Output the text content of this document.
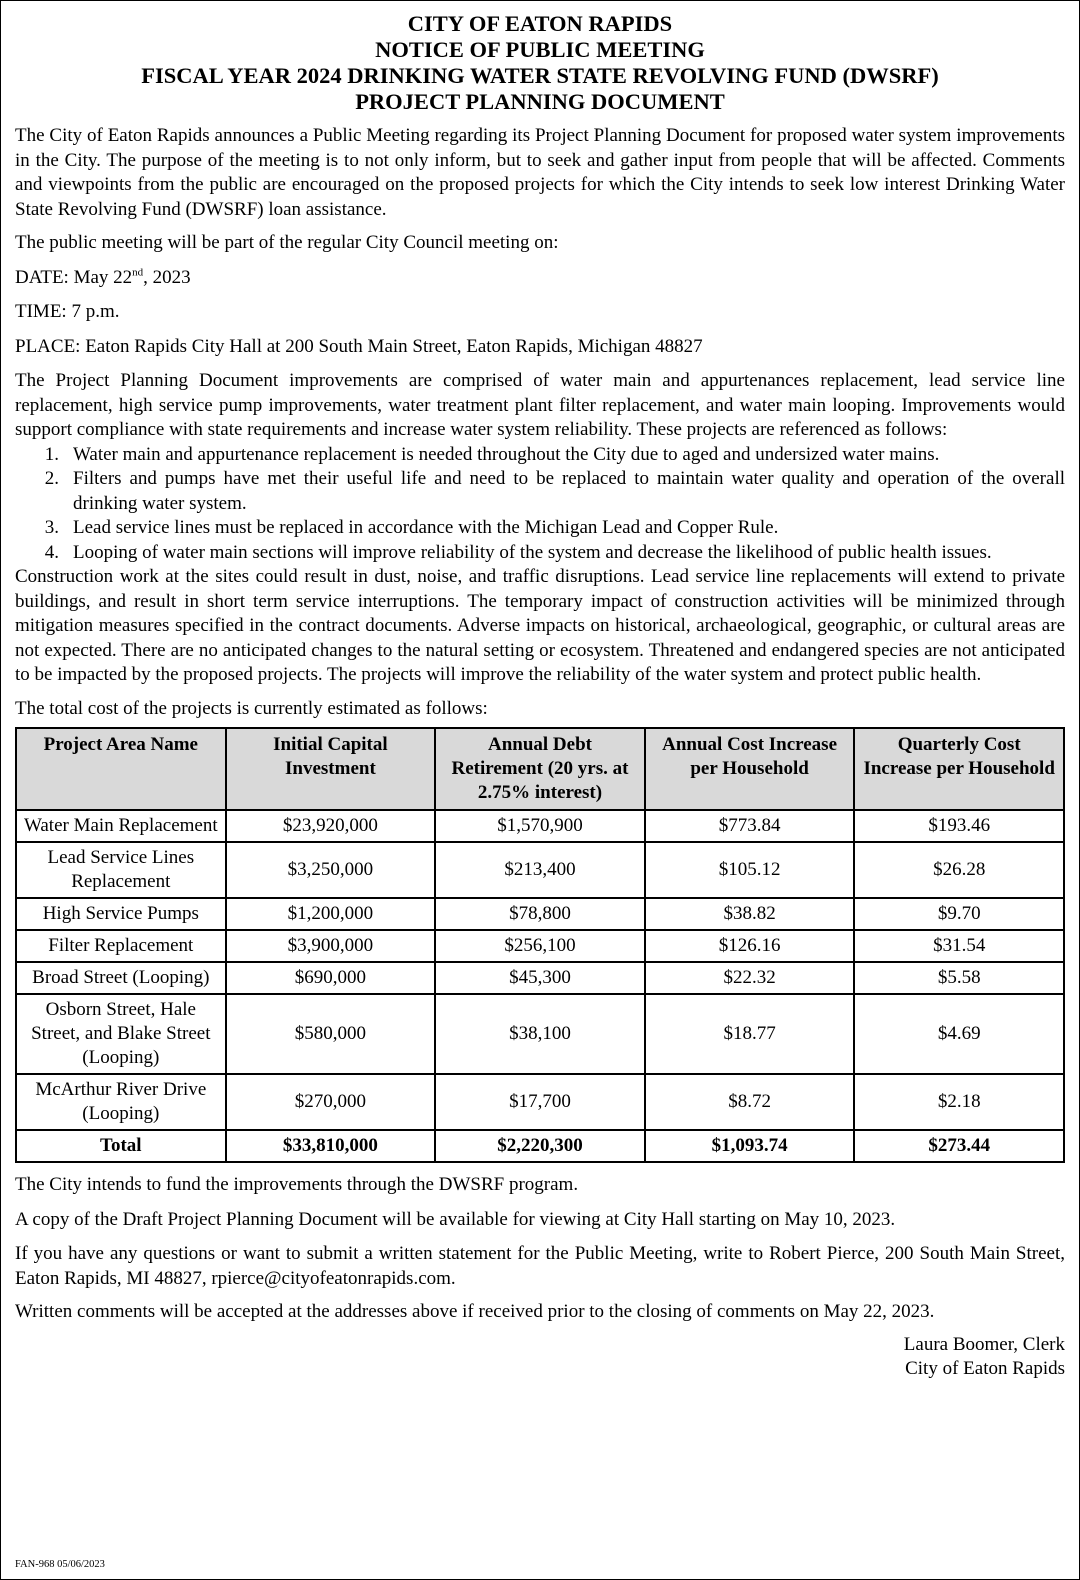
CITY OF EATON RAPIDS
NOTICE OF PUBLIC MEETING
FISCAL YEAR 2024 DRINKING WATER STATE REVOLVING FUND (DWSRF)
PROJECT PLANNING DOCUMENT

The City of Eaton Rapids announces a Public Meeting regarding its Project Planning Document for proposed water system improvements in the City. The purpose of the meeting is to not only inform, but to seek and gather input from people that will be affected. Comments and viewpoints from the public are encouraged on the proposed projects for which the City intends to seek low interest Drinking Water State Revolving Fund (DWSRF) loan assistance.

The public meeting will be part of the regular City Council meeting on:

DATE: May 22nd, 2023

TIME: 7 p.m.

PLACE: Eaton Rapids City Hall at 200 South Main Street, Eaton Rapids, Michigan 48827

The Project Planning Document improvements are comprised of water main and appurtenances replacement, lead service line replacement, high service pump improvements, water treatment plant filter replacement, and water main looping. Improvements would support compliance with state requirements and increase water system reliability. These projects are referenced as follows:

1. Water main and appurtenance replacement is needed throughout the City due to aged and undersized water mains.
2. Filters and pumps have met their useful life and need to be replaced to maintain water quality and operation of the overall drinking water system.
3. Lead service lines must be replaced in accordance with the Michigan Lead and Copper Rule.
4. Looping of water main sections will improve reliability of the system and decrease the likelihood of public health issues.

Construction work at the sites could result in dust, noise, and traffic disruptions. Lead service line replacements will extend to private buildings, and result in short term service interruptions. The temporary impact of construction activities will be minimized through mitigation measures specified in the contract documents. Adverse impacts on historical, archaeological, geographic, or cultural areas are not expected. There are no anticipated changes to the natural setting or ecosystem. Threatened and endangered species are not anticipated to be impacted by the proposed projects. The projects will improve the reliability of the water system and protect public health.

The total cost of the projects is currently estimated as follows:

Project Area Name	Initial Capital Investment	Annual Debt Retirement (20 yrs. at 2.75% interest)	Annual Cost Increase per Household	Quarterly Cost Increase per Household
Water Main Replacement	$23,920,000	$1,570,900	$773.84	$193.46
Lead Service Lines Replacement	$3,250,000	$213,400	$105.12	$26.28
High Service Pumps	$1,200,000	$78,800	$38.82	$9.70
Filter Replacement	$3,900,000	$256,100	$126.16	$31.54
Broad Street (Looping)	$690,000	$45,300	$22.32	$5.58
Osborn Street, Hale Street, and Blake Street (Looping)	$580,000	$38,100	$18.77	$4.69
McArthur River Drive (Looping)	$270,000	$17,700	$8.72	$2.18
Total	$33,810,000	$2,220,300	$1,093.74	$273.44

The City intends to fund the improvements through the DWSRF program.

A copy of the Draft Project Planning Document will be available for viewing at City Hall starting on May 10, 2023.

If you have any questions or want to submit a written statement for the Public Meeting, write to Robert Pierce, 200 South Main Street, Eaton Rapids, MI 48827, rpierce@cityofeatonrapids.com.

Written comments will be accepted at the addresses above if received prior to the closing of comments on May 22, 2023.

Laura Boomer, Clerk
City of Eaton Rapids
FAN-968 05/06/2023
